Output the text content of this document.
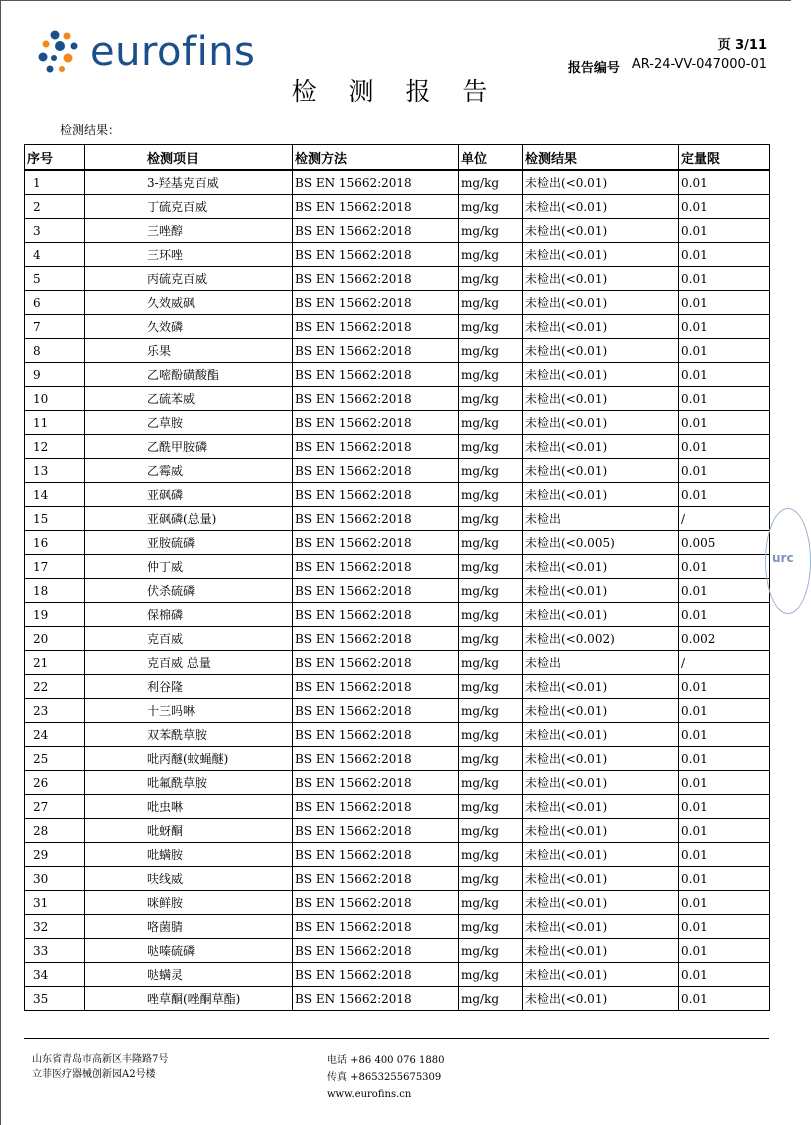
eurofins	页 3/11
报告编号 AR-24-VV-047000-01
检 测 报 告
检测结果：
序号	检测项目	检测方法	单位	检测结果	定量限
1	3-羟基克百威	BS EN 15662:2018	mg/kg	未检出(<0.01)	0.01
2	丁硫克百威	BS EN 15662:2018	mg/kg	未检出(<0.01)	0.01
3	三唑醇	BS EN 15662:2018	mg/kg	未检出(<0.01)	0.01
4	三环唑	BS EN 15662:2018	mg/kg	未检出(<0.01)	0.01
5	丙硫克百威	BS EN 15662:2018	mg/kg	未检出(<0.01)	0.01
6	久效威砜	BS EN 15662:2018	mg/kg	未检出(<0.01)	0.01
7	久效磷	BS EN 15662:2018	mg/kg	未检出(<0.01)	0.01
8	乐果	BS EN 15662:2018	mg/kg	未检出(<0.01)	0.01
9	乙嘧酚磺酸酯	BS EN 15662:2018	mg/kg	未检出(<0.01)	0.01
10	乙硫苯威	BS EN 15662:2018	mg/kg	未检出(<0.01)	0.01
11	乙草胺	BS EN 15662:2018	mg/kg	未检出(<0.01)	0.01
12	乙酰甲胺磷	BS EN 15662:2018	mg/kg	未检出(<0.01)	0.01
13	乙霉威	BS EN 15662:2018	mg/kg	未检出(<0.01)	0.01
14	亚砜磷	BS EN 15662:2018	mg/kg	未检出(<0.01)	0.01
15	亚砜磷(总量)	BS EN 15662:2018	mg/kg	未检出	/
16	亚胺硫磷	BS EN 15662:2018	mg/kg	未检出(<0.005)	0.005
17	仲丁威	BS EN 15662:2018	mg/kg	未检出(<0.01)	0.01
18	伏杀硫磷	BS EN 15662:2018	mg/kg	未检出(<0.01)	0.01
19	保棉磷	BS EN 15662:2018	mg/kg	未检出(<0.01)	0.01
20	克百威	BS EN 15662:2018	mg/kg	未检出(<0.002)	0.002
21	克百威 总量	BS EN 15662:2018	mg/kg	未检出	/
22	利谷隆	BS EN 15662:2018	mg/kg	未检出(<0.01)	0.01
23	十三吗啉	BS EN 15662:2018	mg/kg	未检出(<0.01)	0.01
24	双苯酰草胺	BS EN 15662:2018	mg/kg	未检出(<0.01)	0.01
25	吡丙醚(蚊蝇醚)	BS EN 15662:2018	mg/kg	未检出(<0.01)	0.01
26	吡氟酰草胺	BS EN 15662:2018	mg/kg	未检出(<0.01)	0.01
27	吡虫啉	BS EN 15662:2018	mg/kg	未检出(<0.01)	0.01
28	吡蚜酮	BS EN 15662:2018	mg/kg	未检出(<0.01)	0.01
29	吡螨胺	BS EN 15662:2018	mg/kg	未检出(<0.01)	0.01
30	呋线威	BS EN 15662:2018	mg/kg	未检出(<0.01)	0.01
31	咪鲜胺	BS EN 15662:2018	mg/kg	未检出(<0.01)	0.01
32	咯菌腈	BS EN 15662:2018	mg/kg	未检出(<0.01)	0.01
33	哒嗪硫磷	BS EN 15662:2018	mg/kg	未检出(<0.01)	0.01
34	哒螨灵	BS EN 15662:2018	mg/kg	未检出(<0.01)	0.01
35	唑草酮(唑酮草酯)	BS EN 15662:2018	mg/kg	未检出(<0.01)	0.01
urc
山东省青岛市高新区丰隆路7号
立菲医疗器械创新园A2号楼
电话 +86 400 076 1880
传真 +8653255675309
www.eurofins.cn
